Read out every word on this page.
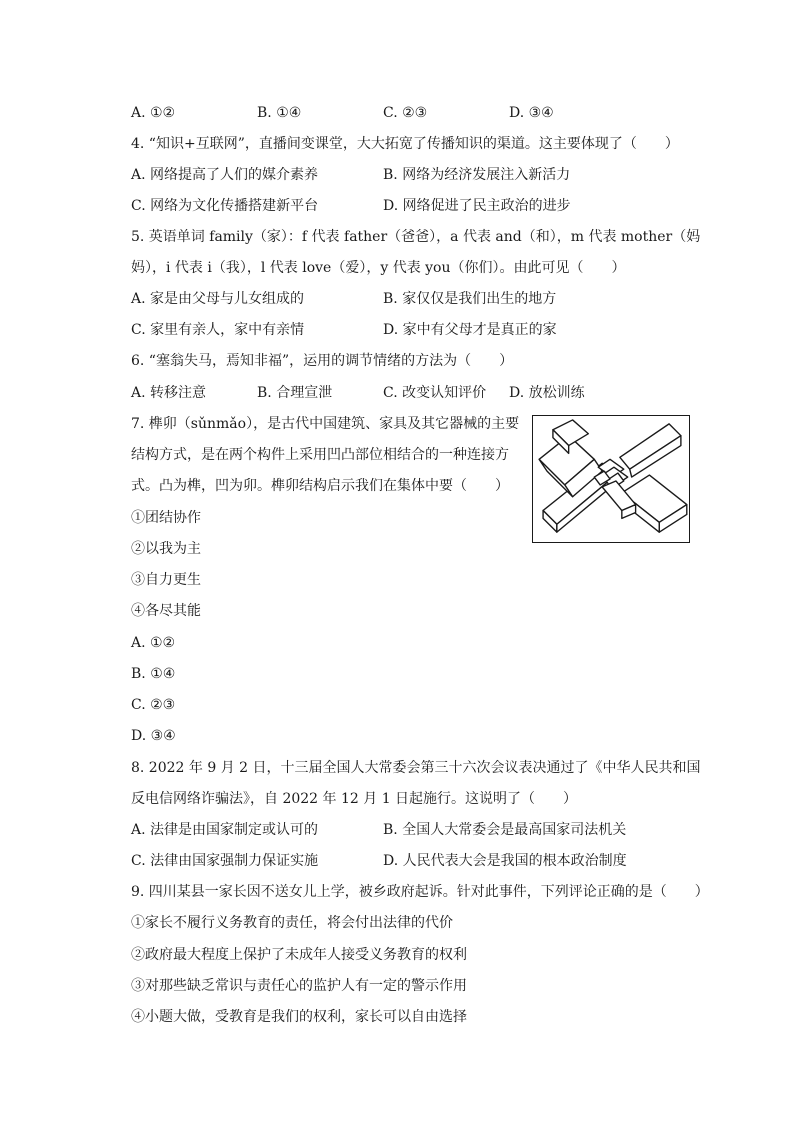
A. ①②	B. ①④	C. ②③	D. ③④
4. “知识+互联网”，直播间变课堂，大大拓宽了传播知识的渠道。这主要体现了（　　）
A. 网络提高了人们的媒介素养	B. 网络为经济发展注入新活力
C. 网络为文化传播搭建新平台	D. 网络促进了民主政治的进步
5. 英语单词 family（家）：f 代表 father（爸爸），a 代表 and（和），m 代表 mother（妈
妈），i 代表 i（我），l 代表 love（爱），y 代表 you（你们）。由此可见（　　）
A. 家是由父母与儿女组成的	B. 家仅仅是我们出生的地方
C. 家里有亲人，家中有亲情	D. 家中有父母才是真正的家
6. “塞翁失马，焉知非福”，运用的调节情绪的方法为（　　）
A. 转移注意	B. 合理宣泄	C. 改变认知评价 D. 放松训练
7. 榫卯（sǔnmǎo），是古代中国建筑、家具及其它器械的主要
结构方式，是在两个构件上采用凹凸部位相结合的一种连接方
式。凸为榫，凹为卯。榫卯结构启示我们在集体中要（　　）
①团结协作
②以我为主
③自力更生
④各尽其能
A. ①②
B. ①④
C. ②③
D. ③④
8. 2022 年 9 月 2 日，十三届全国人大常委会第三十六次会议表决通过了《中华人民共和国
反电信网络诈骗法》，自 2022 年 12 月 1 日起施行。这说明了（　　）
A. 法律是由国家制定或认可的	B. 全国人大常委会是最高国家司法机关
C. 法律由国家强制力保证实施	D. 人民代表大会是我国的根本政治制度
9. 四川某县一家长因不送女儿上学，被乡政府起诉。针对此事件，下列评论正确的是（　　）
①家长不履行义务教育的责任，将会付出法律的代价
②政府最大程度上保护了未成年人接受义务教育的权利
③对那些缺乏常识与责任心的监护人有一定的警示作用
④小题大做，受教育是我们的权利，家长可以自由选择
